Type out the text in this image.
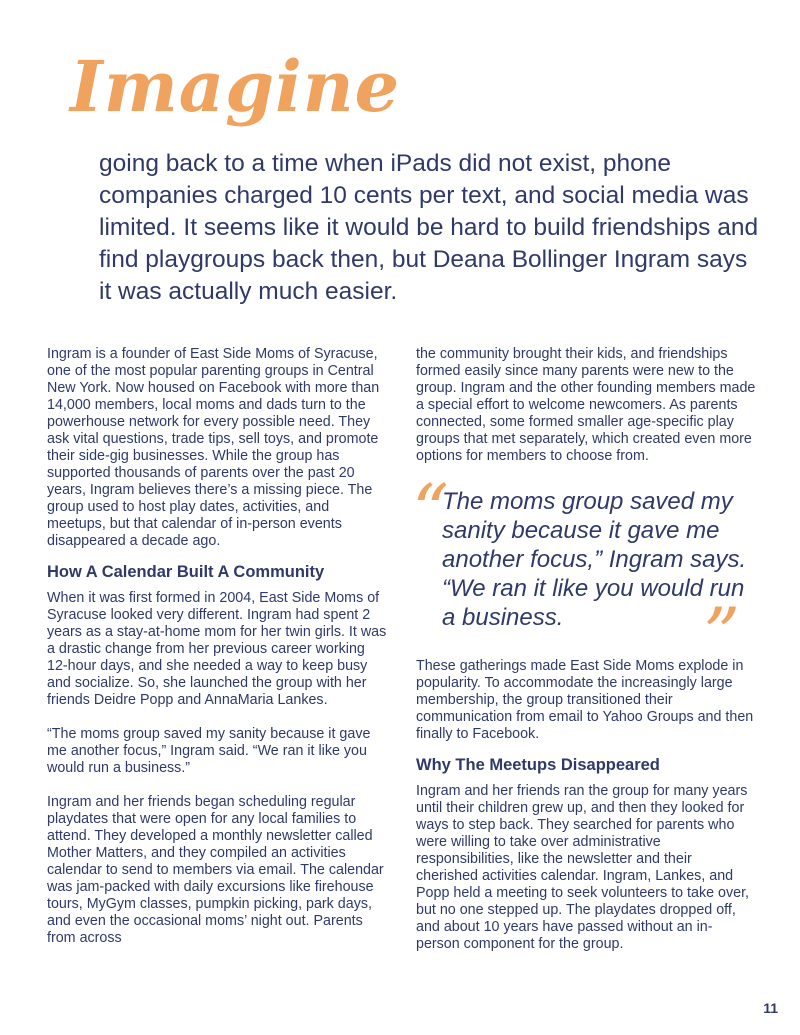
Imagine

going back to a time when iPads did not exist, phone companies charged 10 cents per text, and social media was limited. It seems like it would be hard to build friendships and find playgroups back then, but Deana Bollinger Ingram says it was actually much easier.

Ingram is a founder of East Side Moms of Syracuse, one of the most popular parenting groups in Central New York. Now housed on Facebook with more than 14,000 members, local moms and dads turn to the powerhouse network for every possible need. They ask vital questions, trade tips, sell toys, and promote their side-gig businesses. While the group has supported thousands of parents over the past 20 years, Ingram believes there’s a missing piece. The group used to host play dates, activities, and meetups, but that calendar of in-person events disappeared a decade ago.

How A Calendar Built A Community

When it was first formed in 2004, East Side Moms of Syracuse looked very different. Ingram had spent 2 years as a stay-at-home mom for her twin girls. It was a drastic change from her previous career working 12-hour days, and she needed a way to keep busy and socialize. So, she launched the group with her friends Deidre Popp and AnnaMaria Lankes.

“The moms group saved my sanity because it gave me another focus,” Ingram said. “We ran it like you would run a business.”

Ingram and her friends began scheduling regular playdates that were open for any local families to attend. They developed a monthly newsletter called Mother Matters, and they compiled an activities calendar to send to members via email. The calendar was jam-packed with daily excursions like firehouse tours, MyGym classes, pumpkin picking, park days, and even the occasional moms’ night out. Parents from across

the community brought their kids, and friendships formed easily since many parents were new to the group. Ingram and the other founding members made a special effort to welcome newcomers. As parents connected, some formed smaller age-specific play groups that met separately, which created even more options for members to choose from.

“
The moms group saved my sanity because it gave me another focus,” Ingram says. “We ran it like you would run a business.	”

These gatherings made East Side Moms explode in popularity. To accommodate the increasingly large membership, the group transitioned their communication from email to Yahoo Groups and then finally to Facebook.

Why The Meetups Disappeared

Ingram and her friends ran the group for many years until their children grew up, and then they looked for ways to step back. They searched for parents who were willing to take over administrative responsibilities, like the newsletter and their cherished activities calendar. Ingram, Lankes, and Popp held a meeting to seek volunteers to take over, but no one stepped up. The playdates dropped off, and about 10 years have passed without an in-person component for the group.

11
